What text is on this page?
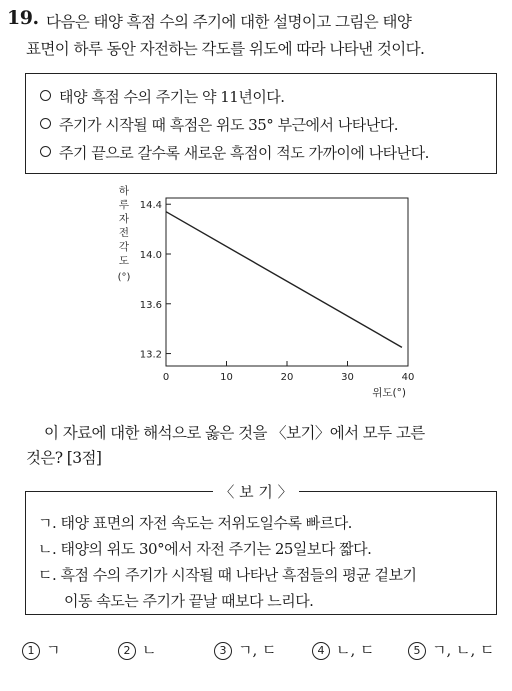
19. 다음은 태양 흑점 수의 주기에 대한 설명이고 그림은 태양
표면이 하루 동안 자전하는 각도를 위도에 따라 나타낸 것이다.
태양 흑점 수의 주기는 약 11년이다.
주기가 시작될 때 흑점은 위도 35° 부근에서 나타난다.
주기 끝으로 갈수록 새로운 흑점이 적도 가까이에 나타난다.
13.2
13.6
14.0
14.4
0	10	20	30	40
하
루
자
전
각
도
(°)
위도(°)
이 자료에 대한 해석으로 옳은 것을 〈보기〉에서 모두 고른
것은? [3점]
ㄱ. 태양 표면의 자전 속도는 저위도일수록 빠르다.
ㄴ. 태양의 위도 30°에서 자전 주기는 25일보다 짧다.
ㄷ. 흑점 수의 주기가 시작될 때 나타난 흑점들의 평균 겉보기
이동 속도는 주기가 끝날 때보다 느리다.
〈 보 기 〉
1 ㄱ	2 ㄴ	3 ㄱ, ㄷ	4 ㄴ, ㄷ	5 ㄱ, ㄴ, ㄷ
